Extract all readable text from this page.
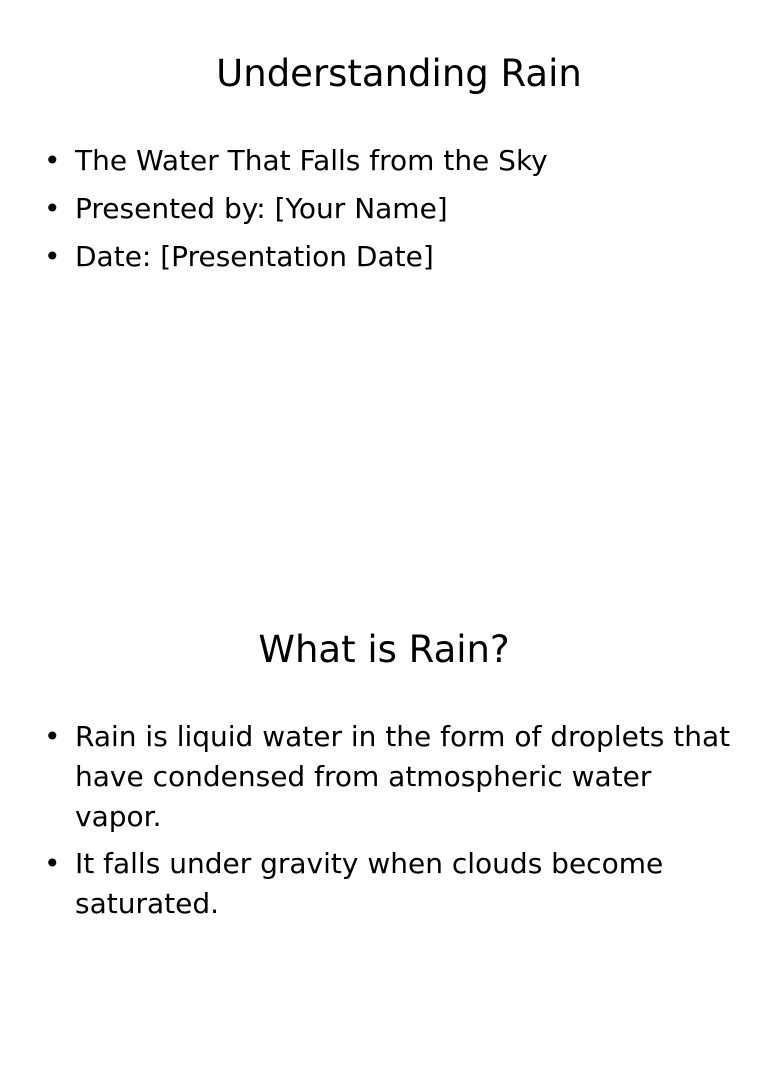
Understanding Rain
• The Water That Falls from the Sky
• Presented by: [Your Name]
• Date: [Presentation Date]
What is Rain?
• Rain is liquid water in the form of droplets that have condensed from atmospheric water vapor.
• It falls under gravity when clouds become saturated.
